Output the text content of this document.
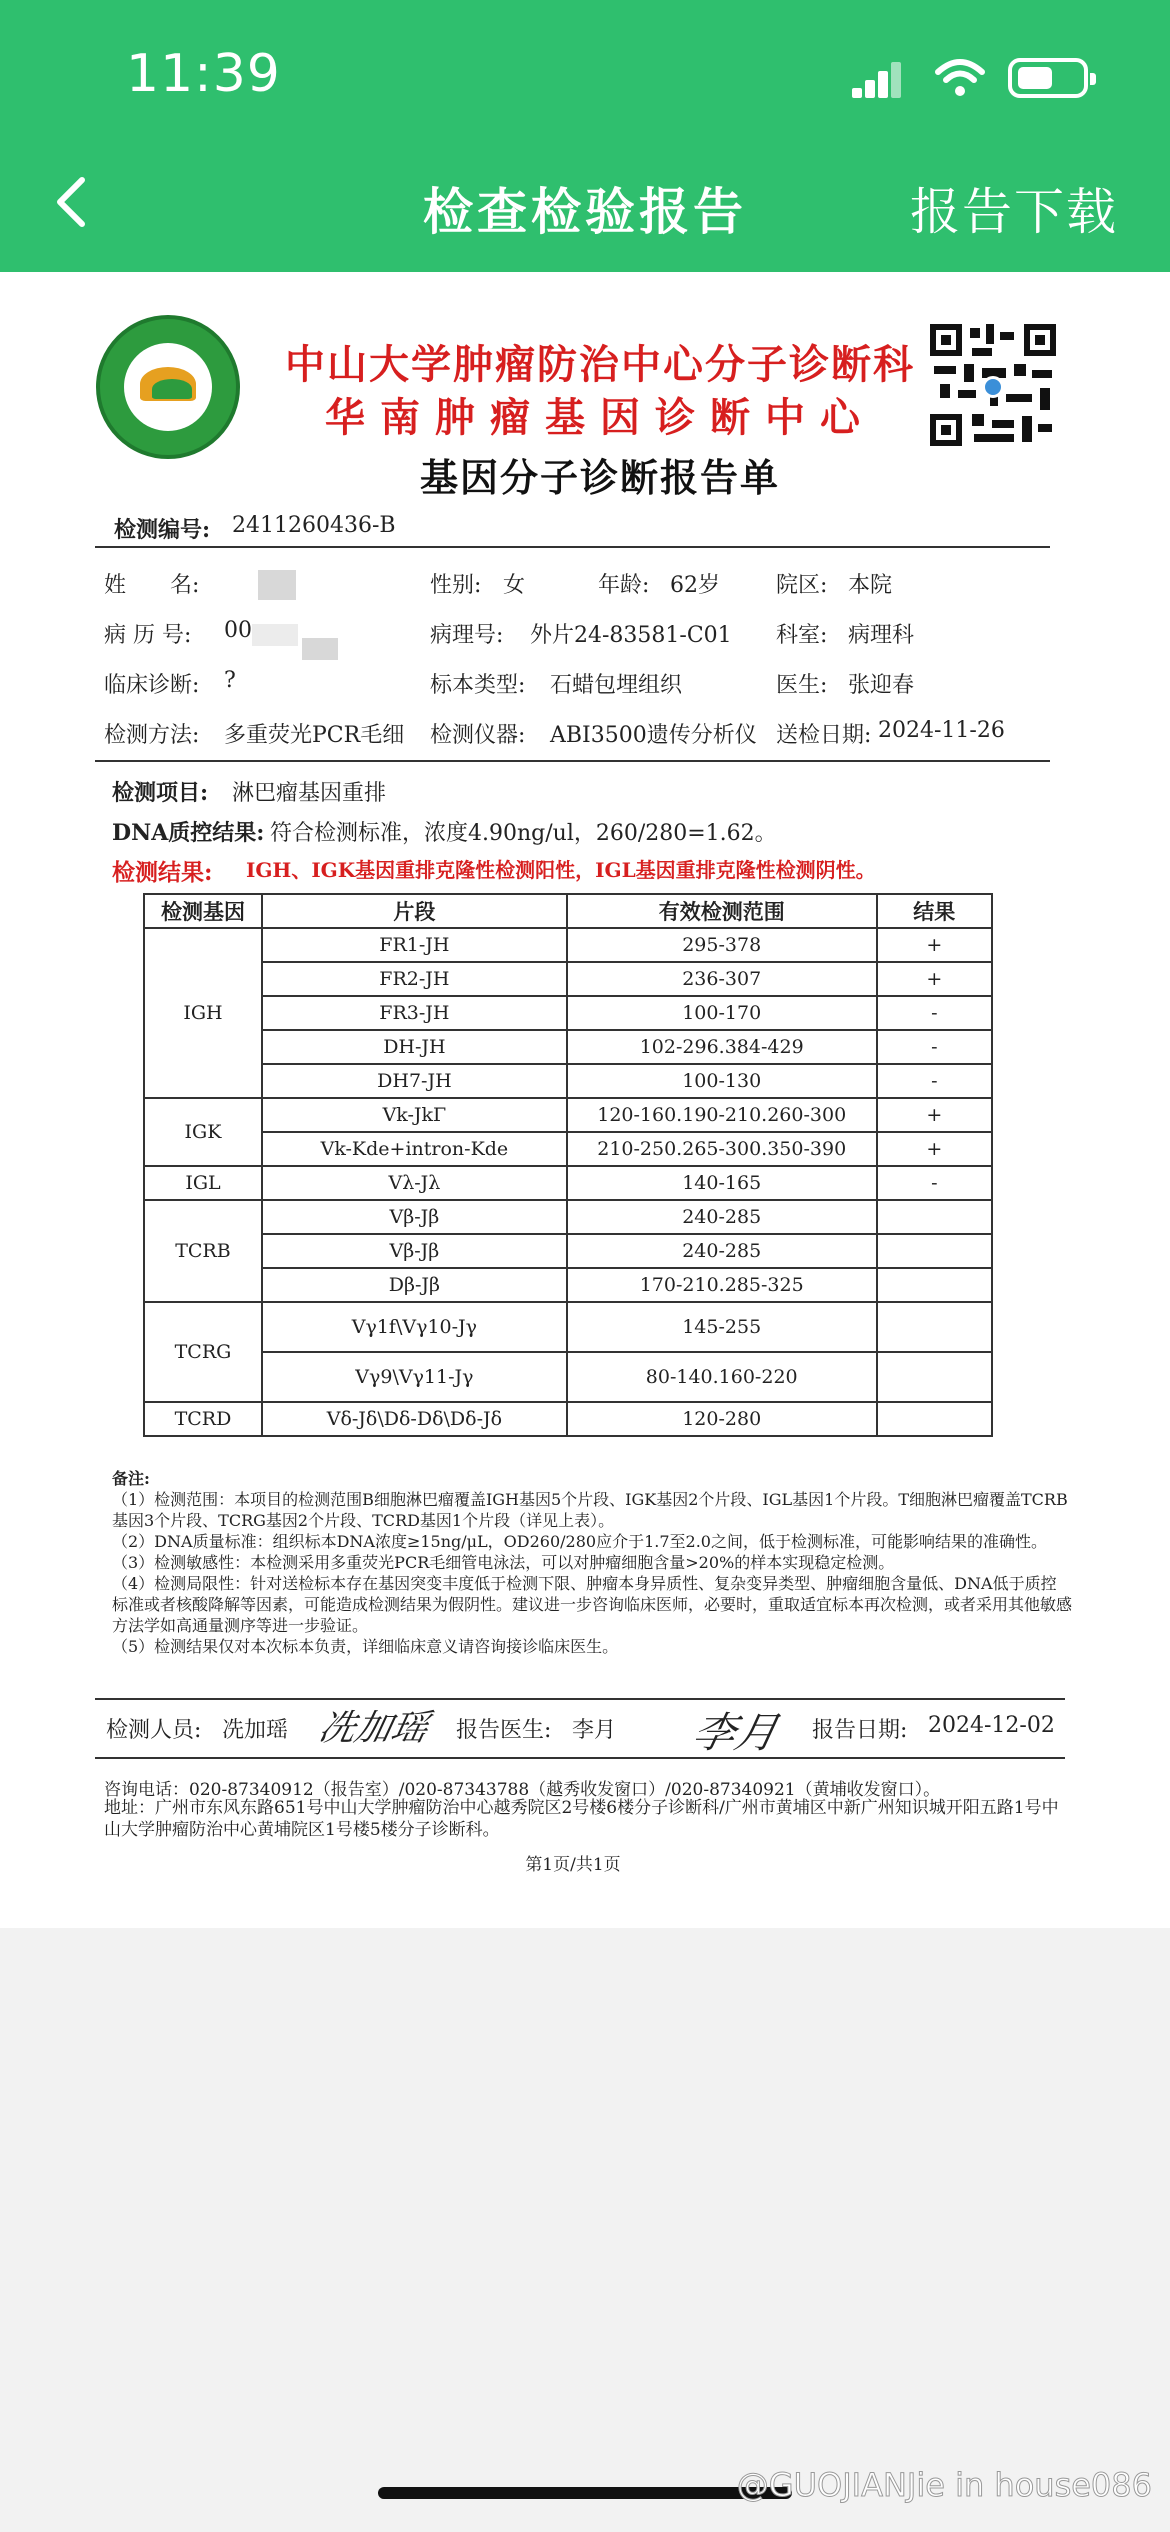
11:39
检查检验报告	报告下载
中山大学肿瘤防治中心分子诊断科
华南肿瘤基因诊断中心
基因分子诊断报告单
检测编号: 2411260436-B
姓　　名:	性别: 女	年龄: 62岁	院区: 本院
病 历 号: 00	病理号: 外片24-83581-C01 科室: 病理科
临床诊断: ?	标本类型: 石蜡包埋组织	医生: 张迎春
检测方法: 多重荧光PCR毛细 检测仪器: ABI3500遗传分析仪 送检日期: 2024-11-26
检测项目: 淋巴瘤基因重排
DNA质控结果: 符合检测标准，浓度4.90ng/ul，260/280=1.62。
检测结果: IGH、IGK基因重排克隆性检测阳性，IGL基因重排克隆性检测阴性。
检测基因	片段	有效检测范围	结果
IGH	FR1-JH	295-378	+
	FR2-JH	236-307	+
	FR3-JH	100-170	-
	DH-JH	102-296.384-429	-
	DH7-JH	100-130	-
IGK	Vk-JkΓ	120-160.190-210.260-300	+
	Vk-Kde+intron-Kde	210-250.265-300.350-390	+
IGL	Vλ-Jλ	140-165	-
TCRB	Vβ-Jβ	240-285	
	Vβ-Jβ	240-285	
	Dβ-Jβ	170-210.285-325	
TCRG	Vγ1f\Vγ10-Jγ	145-255	
	Vγ9\Vγ11-Jγ	80-140.160-220	
TCRD	Vδ-Jδ\Dδ-Dδ\Dδ-Jδ	120-280	
备注:
（1）检测范围：本项目的检测范围B细胞淋巴瘤覆盖IGH基因5个片段、IGK基因2个片段、IGL基因1个片段。T细胞淋巴瘤覆盖TCRB基因3个片段、TCRG基因2个片段、TCRD基因1个片段（详见上表）。
（2）DNA质量标准：组织标本DNA浓度≥15ng/μL，OD260/280应介于1.7至2.0之间，低于检测标准，可能影响结果的准确性。
（3）检测敏感性：本检测采用多重荧光PCR毛细管电泳法，可以对肿瘤细胞含量>20%的样本实现稳定检测。
（4）检测局限性：针对送检标本存在基因突变丰度低于检测下限、肿瘤本身异质性、复杂变异类型、肿瘤细胞含量低、DNA低于质控标准或者核酸降解等因素，可能造成检测结果为假阴性。建议进一步咨询临床医师，必要时，重取适宜标本再次检测，或者采用其他敏感方法学如高通量测序等进一步验证。
（5）检测结果仅对本次标本负责，详细临床意义请咨询接诊临床医生。
检测人员: 冼加瑶 冼加瑶 报告医生: 李月 李月 报告日期: 2024-12-02
咨询电话：020-87340912（报告室）/020-87343788（越秀收发窗口）/020-87340921（黄埔收发窗口）。
地址：广州市东风东路651号中山大学肿瘤防治中心越秀院区2号楼6楼分子诊断科/广州市黄埔区中新广州知识城开阳五路1号中山大学肿瘤防治中心黄埔院区1号楼5楼分子诊断科。
第1页/共1页
@GUOJIANJie in house086
